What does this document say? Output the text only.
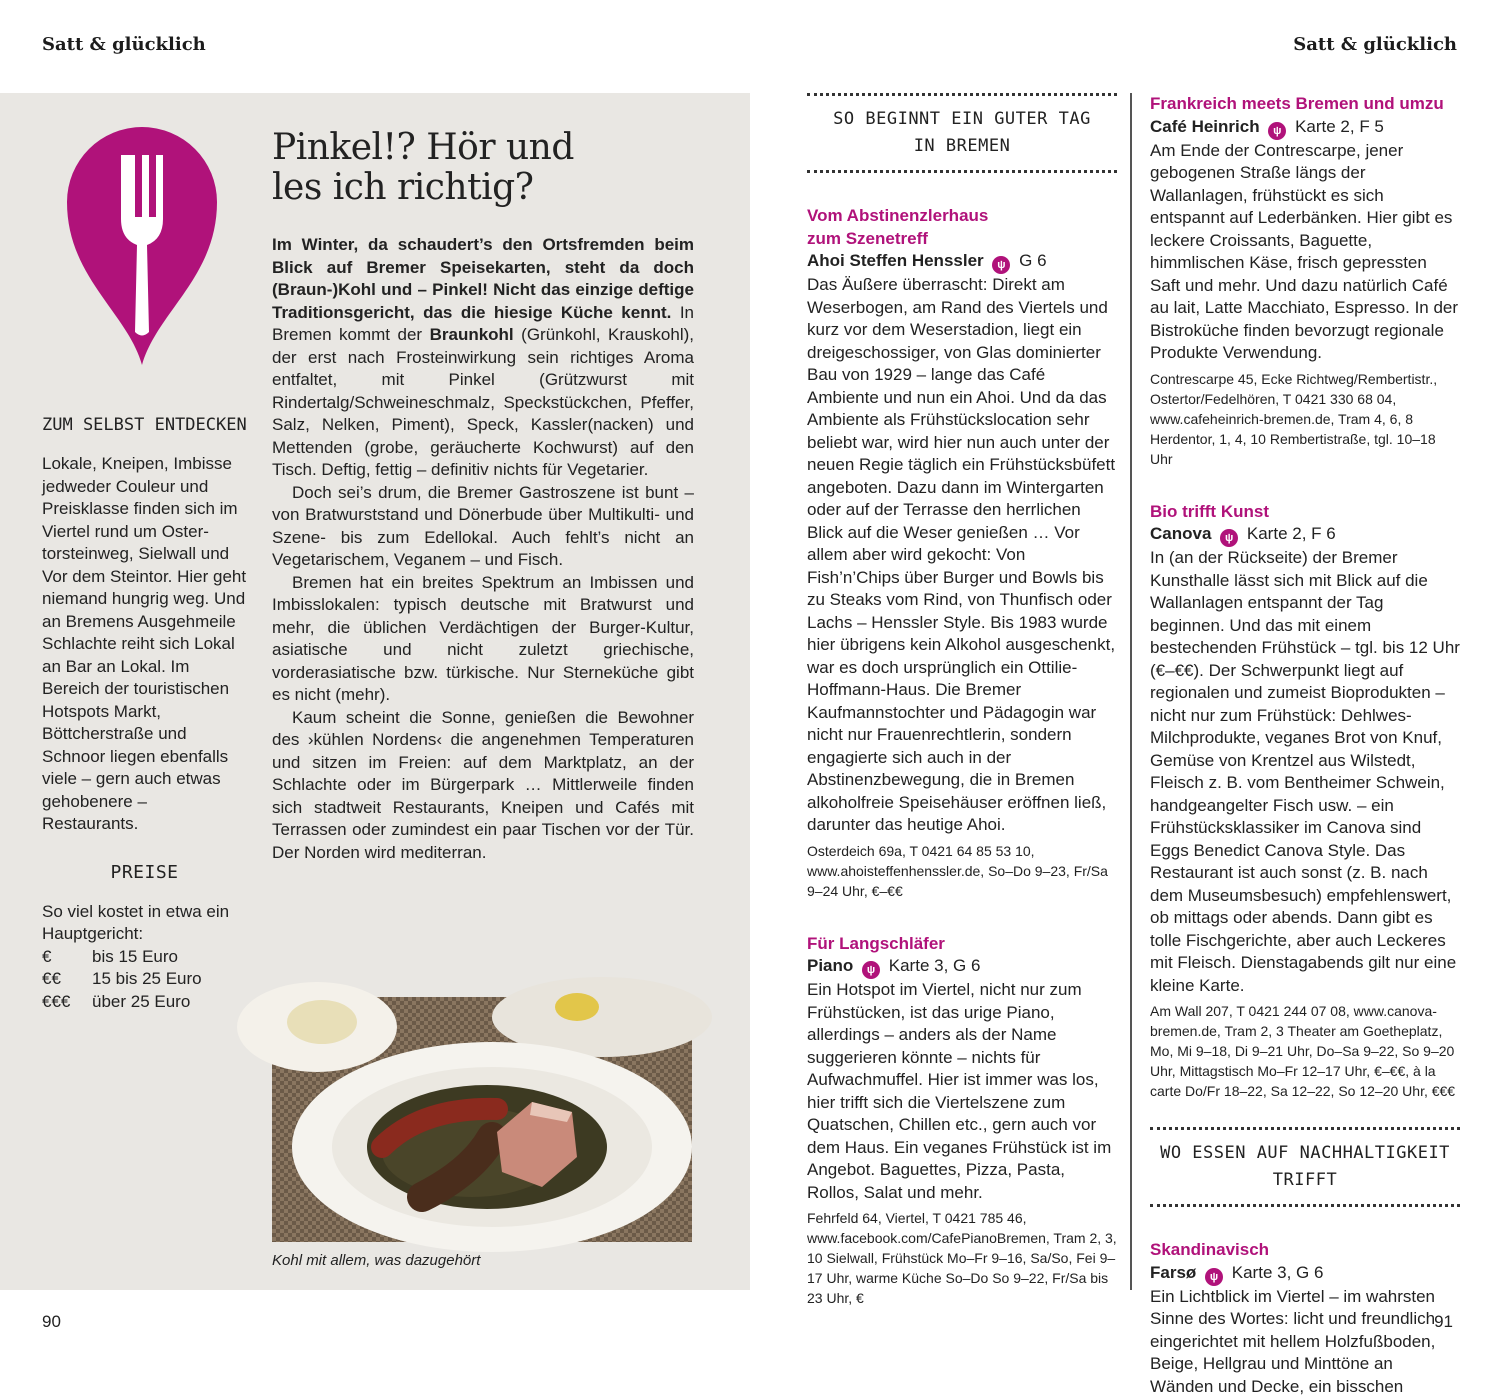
Satt & glücklich	Satt & glücklich
ZUM SELBST ENTDECKEN

Lokale, Kneipen, Imbisse jedweder Couleur und Preisklasse finden sich im Viertel rund um Ostertorsteinweg, Sielwall und Vor dem Steintor. Hier geht niemand hungrig weg. Und an Bremens Ausgehmeile Schlachte reiht sich Lokal an Bar an Lokal. Im Bereich der touristischen Hotspots Markt, Böttcherstraße und Schnoor liegen ebenfalls viele – gern auch etwas gehobenere – Restaurants.

PREISE

So viel kostet in etwa ein Hauptgericht:

€	bis 15 Euro
€€	15 bis 25 Euro
€€€	über 25 Euro
Pinkel!? Hör und
les ich richtig?
Im Winter, da schaudert’s den Ortsfremden beim Blick auf Bremer Speisekarten, steht da doch (Braun-)Kohl und – Pinkel! Nicht das einzige deftige Traditionsgericht, das die hiesige Küche kennt. In Bremen kommt der Braunkohl (Grünkohl, Krauskohl), der erst nach Frosteinwirkung sein richtiges Aroma entfaltet, mit Pinkel (Grützwurst mit Rindertalg/Schweineschmalz, Speckstückchen, Pfeffer, Salz, Nelken, Piment), Speck, Kassler(nacken) und Mettenden (grobe, geräucherte Kochwurst) auf den Tisch. Deftig, fettig – definitiv nichts für Vegetarier.

Doch sei’s drum, die Bremer Gastroszene ist bunt – von Bratwurststand und Dönerbude über Multikulti- und Szene- bis zum Edellokal. Auch fehlt’s nicht an Vegetarischem, Veganem – und Fisch.

Bremen hat ein breites Spektrum an Imbissen und Imbisslokalen: typisch deutsche mit Bratwurst und mehr, die üblichen Verdächtigen der Burger-Kultur, asiatische und nicht zuletzt griechische, vorderasiatische bzw. türkische. Nur Sterneküche gibt es nicht (mehr).

Kaum scheint die Sonne, genießen die Bewohner des ›kühlen Nordens‹ die angenehmen Temperaturen und sitzen im Freien: auf dem Marktplatz, an der Schlachte oder im Bürgerpark … Mittlerweile finden sich stadtweit Restaurants, Kneipen und Cafés mit Terrassen oder zumindest ein paar Tischen vor der Tür. Der Norden wird mediterran.

Kohl mit allem, was dazugehört
SO BEGINNT EIN GUTER TAG
IN BREMEN
Vom Abstinenzlerhaus
zum Szenetreff
Ahoi Steffen Henssler ψ G 6
Das Äußere überrascht: Direkt am Weserbogen, am Rand des Viertels und kurz vor dem Weserstadion, liegt ein dreigeschossiger, von Glas dominierter Bau von 1929 – lange das Café Ambiente und nun ein Ahoi. Und da das Ambiente als Frühstückslocation sehr beliebt war, wird hier nun auch unter der neuen Regie täglich ein Frühstücksbüfett angeboten. Dazu dann im Wintergarten oder auf der Terrasse den herrlichen Blick auf die Weser genießen … Vor allem aber wird gekocht: Von Fish’n’Chips über Burger und Bowls bis zu Steaks vom Rind, von Thunfisch oder Lachs – Henssler Style. Bis 1983 wurde hier übrigens kein Alkohol ausgeschenkt, war es doch ursprünglich ein Ottilie-Hoffmann-Haus. Die Bremer Kaufmannstochter und Pädagogin war nicht nur Frauenrechtlerin, sondern engagierte sich auch in der Abstinenzbewegung, die in Bremen alkoholfreie Speisehäuser eröffnen ließ, darunter das heutige Ahoi.
Osterdeich 69a, T 0421 64 85 53 10, www.ahoisteffenhenssler.de, So–Do 9–23, Fr/Sa 9–24 Uhr, €–€€
Für Langschläfer
Piano ψ Karte 3, G 6
Ein Hotspot im Viertel, nicht nur zum Frühstücken, ist das urige Piano, allerdings – anders als der Name suggerieren könnte – nichts für Aufwachmuffel. Hier ist immer was los, hier trifft sich die Viertelszene zum Quatschen, Chillen etc., gern auch vor dem Haus. Ein veganes Frühstück ist im Angebot. Baguettes, Pizza, Pasta, Rollos, Salat und mehr.
Fehrfeld 64, Viertel, T 0421 785 46, www.facebook.com/CafePianoBremen, Tram 2, 3, 10 Sielwall, Frühstück Mo–Fr 9–16, Sa/So, Fei 9–17 Uhr, warme Küche So–Do So 9–22, Fr/Sa bis 23 Uhr, €
Frankreich meets Bremen und umzu
Café Heinrich ψ Karte 2, F 5
Am Ende der Contrescarpe, jener gebogenen Straße längs der Wallanlagen, frühstückt es sich entspannt auf Lederbänken. Hier gibt es leckere Croissants, Baguette, himmlischen Käse, frisch gepressten Saft und mehr. Und dazu natürlich Café au lait, Latte Macchiato, Espresso. In der Bistroküche finden bevorzugt regionale Produkte Verwendung.
Contrescarpe 45, Ecke Richtweg/Rembertistr., Ostertor/Fedelhören, T 0421 330 68 04, www.cafeheinrich-bremen.de, Tram 4, 6, 8 Herdentor, 1, 4, 10 Rembertistraße, tgl. 10–18 Uhr
Bio trifft Kunst
Canova ψ Karte 2, F 6
In (an der Rückseite) der Bremer Kunsthalle lässt sich mit Blick auf die Wallanlagen entspannt der Tag beginnen. Und das mit einem bestechenden Frühstück – tgl. bis 12 Uhr (€–€€). Der Schwerpunkt liegt auf regionalen und zumeist Bioprodukten – nicht nur zum Frühstück: Dehlwes-Milchprodukte, veganes Brot von Knuf, Gemüse von Krentzel aus Wilstedt, Fleisch z. B. vom Bentheimer Schwein, handgeangelter Fisch usw. – ein Frühstücksklassiker im Canova sind Eggs Benedict Canova Style. Das Restaurant ist auch sonst (z. B. nach dem Museumsbesuch) empfehlenswert, ob mittags oder abends. Dann gibt es tolle Fischgerichte, aber auch Leckeres mit Fleisch. Dienstagabends gilt nur eine kleine Karte.
Am Wall 207, T 0421 244 07 08, www.canova-bremen.de, Tram 2, 3 Theater am Goetheplatz, Mo, Mi 9–18, Di 9–21 Uhr, Do–Sa 9–22, So 9–20 Uhr, Mittagstisch Mo–Fr 12–17 Uhr, €–€€, à la carte Do/Fr 18–22, Sa 12–22, So 12–20 Uhr, €€€
WO ESSEN AUF NACHHALTIGKEIT TRIFFT
Skandinavisch
Farsø ψ Karte 3, G 6
Ein Lichtblick im Viertel – im wahrsten Sinne des Wortes: licht und freundlich eingerichtet mit hellem Holzfußboden, Beige, Hellgrau und Minttöne an Wänden und Decke, ein bisschen
90	91
